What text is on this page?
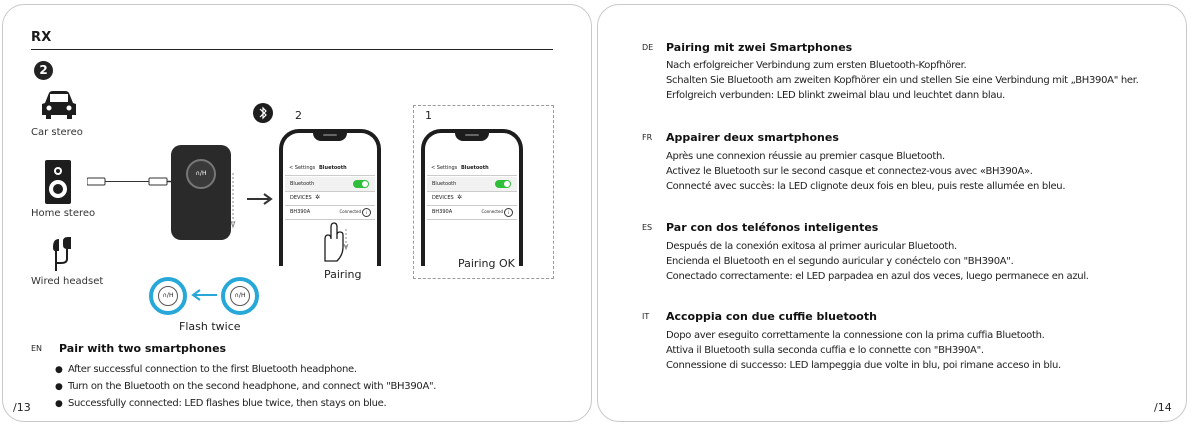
RX
2
Car stereo
Home stereo
Wired headset
∩/H
2
< Settings Bluetooth
Bluetooth
DEVICES ✲
BH390A	Connected	i
Pairing
1
< Settings Bluetooth
Bluetooth
DEVICES ✲
BH390A	Connected	i
Pairing OK
∩/H	∩/H
Flash twice
EN Pair with two smartphones
● After successful connection to the first Bluetooth headphone.
● Turn on the Bluetooth on the second headphone, and connect with "BH390A".
● Successfully connected: LED flashes blue twice, then stays on blue.
/13
DE Pairing mit zwei Smartphones
Nach erfolgreicher Verbindung zum ersten Bluetooth-Kopfhörer.
Schalten Sie Bluetooth am zweiten Kopfhörer ein und stellen Sie eine Verbindung mit „BH390A" her.
Erfolgreich verbunden: LED blinkt zweimal blau und leuchtet dann blau.
FR Appairer deux smartphones
Après une connexion réussie au premier casque Bluetooth.
Activez le Bluetooth sur le second casque et connectez-vous avec «BH390A».
Connecté avec succès: la LED clignote deux fois en bleu, puis reste allumée en bleu.
ES Par con dos teléfonos inteligentes
Después de la conexión exitosa al primer auricular Bluetooth.
Encienda el Bluetooth en el segundo auricular y conéctelo con "BH390A".
Conectado correctamente: el LED parpadea en azul dos veces, luego permanece en azul.
IT Accoppia con due cuffie bluetooth
Dopo aver eseguito correttamente la connessione con la prima cuffia Bluetooth.
Attiva il Bluetooth sulla seconda cuffia e lo connette con "BH390A".
Connessione di successo: LED lampeggia due volte in blu, poi rimane acceso in blu.
/14
